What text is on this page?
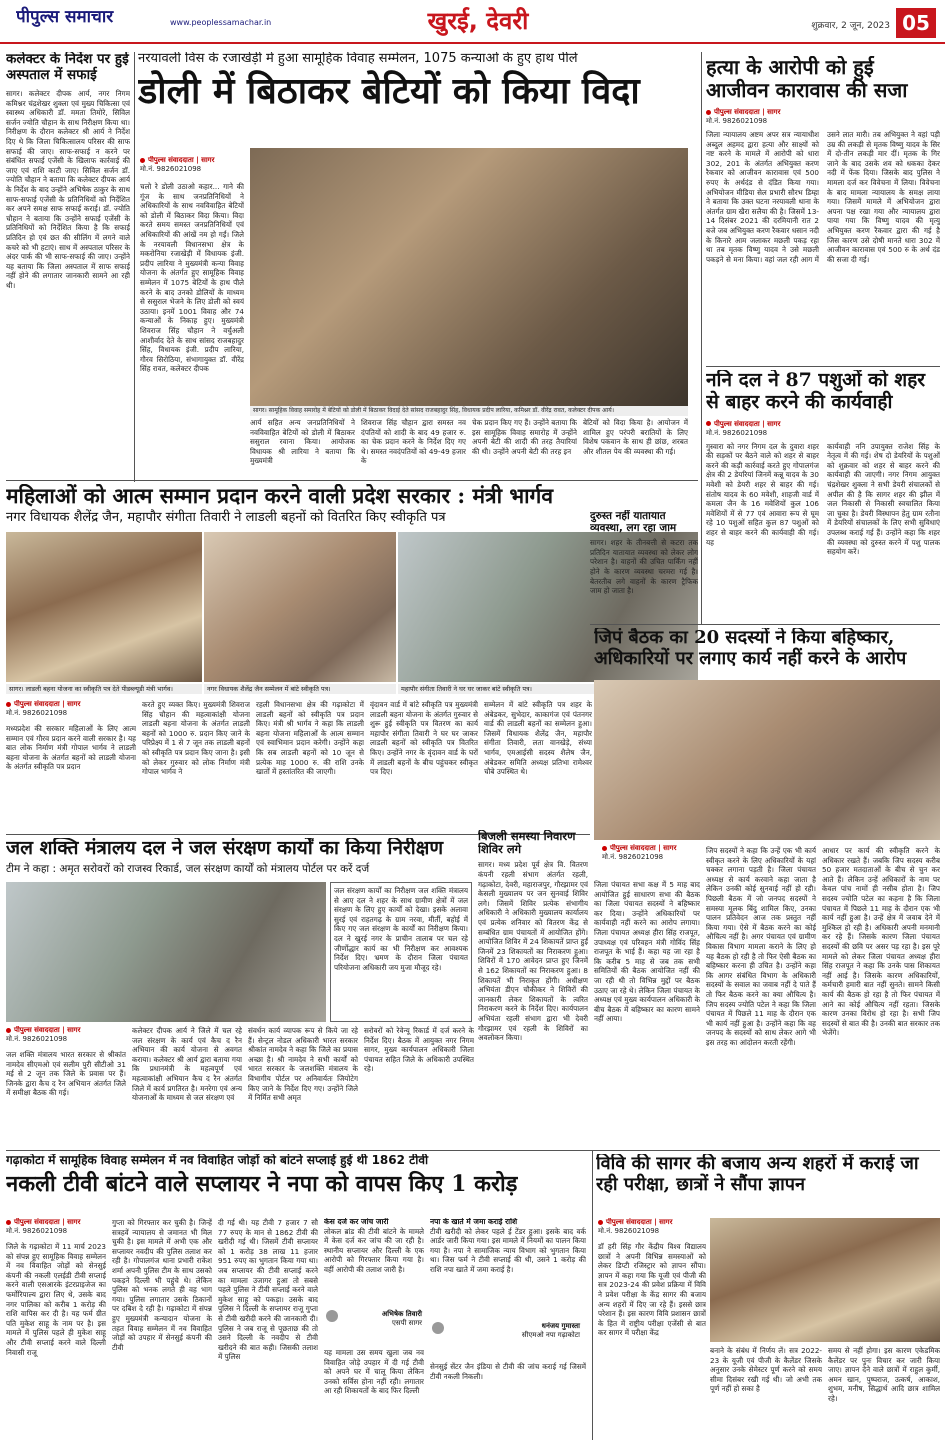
पीपुल्स समाचार	www.peoplessamachar.in	खुरई, देवरी	शुक्रवार, 2 जून, 2023 05
कलेक्टर के निर्देश पर हुई अस्पताल में सफाई
सागर। कलेक्टर दीपक आर्य, नगर निगम कमिश्नर चंद्रशेखर शुक्ला एवं मुख्य चिकित्सा एवं स्वास्थ्य अधिकारी डॉ. ममता तिमोरे, सिविल सर्जन ज्योति चौहान के साथ निरीक्षण किया था। निरीक्षण के दौरान कलेक्टर श्री आर्य ने निर्देश दिए थे कि जिला चिकित्सालय परिसर की साफ सफाई की जाए। साफ-सफाई न करने पर संबंधित सफाई एजेंसी के खिलाफ कार्रवाई की जाए एवं राशि काटी जाए। सिविल सर्जन डॉ. ज्योति चौहान ने बताया कि कलेक्टर दीपक आर्य के निर्देश के बाद उन्होंने अभिषेक ठाकुर के साथ साफ-सफाई एजेंसी के प्रतिनिधियों को निर्देशित कर अपने समक्ष साफ सफाई कराई। डॉ. ज्योति चौहान ने बताया कि उन्होंने सफाई एजेंसी के प्रतिनिधियों को निर्देशित किया है कि सफाई प्रतिदिन हो एवं छत की सीलिंग में लगने वाले कचरे को भी हटाएं। साथ में अस्पताल परिसर के अंदर पार्क की भी साफ-सफाई की जाए। उन्होंने यह बताया कि जिला अस्पताल में साफ सफाई नहीं होने की लगातार जानकारी सामने आ रही थी।
नरयावली विस के रजाखेड़ी में हुआ सामूहिक विवाह सम्मेलन, 1075 कन्याओं के हुए हाथ पीले
डोली में बिठाकर बेटियों को किया विदा
पीपुल्स संवाददाता | सागर
मो.नं. 9826021098
चलो रे डोली उठाओ कहार... गाने की गूंज के साथ जनप्रतिनिधियों ने अधिकारियों के साथ नवविवाहित बेटियों को डोली में बिठाकर विदा किया। विदा करते समय समस्त जनप्रतिनिधियों एवं अधिकारियों की आंखें नम हो गईं। जिले के नरयावली विधानसभा क्षेत्र के मकरोनिया रजाखेड़ी में विधायक इंजी. प्रदीप लारिया ने मुख्यमंत्री कन्या विवाह योजना के अंतर्गत हुए सामूहिक विवाह सम्मेलन में 1075 बेटियों के हाथ पीले करने के बाद उनको डोलियों के माध्यम से ससुराल भेजने के लिए डोली को स्वयं उठाया। इनमें 1001 विवाह और 74 कन्याओं के निकाह हुए। मुख्यमंत्री शिवराज सिंह चौहान ने वर्चुअली आशीर्वाद देते के साथ सांसद राजबहादुर सिंह, विधायक इंजी. प्रदीप लारिया, गौरव सिरोठिया, संभागायुक्त डॉ. वीरेंद्र सिंह रावत, कलेक्टर दीपक
सागर। सामूहिक विवाह समारोह में बेटियों को डोली में बिठाकर विदाई देते सांसद राजबहादुर सिंह, विधायक प्रदीप लारिया, कमिश्नर डॉ. वीरेंद्र रावत, कलेक्टर दीपक आर्य।
आर्य सहित अन्य जनप्रतिनिधियों ने नवविवाहित बेटियों को डोली में बिठाकर ससुराल रवाना किया। आयोजक विधायक श्री लारिया ने बताया कि मुख्यमंत्री
शिवराज सिंह चौहान द्वारा समस्त नव दंपतियों को शादी के बाद 49 हजार रु. का चेक प्रदान करने के निर्देश दिए गए थे। समस्त नवदंपतियों को 49-49 हजार के
चेक प्रदान किए गए हैं। उन्होंने बताया कि इस सामूहिक विवाह समारोह में उन्होंने अपनी बेटी की शादी की तरह तैयारियां की थी। उन्होंने अपनी बेटी की तरह इन
बेटियों को विदा किया है। आयोजन में शामिल हुए परंपरी बरातियों के लिए विशेष पकवान के साथ ही छांछ, शरबत और शीतल पेय की व्यवस्था की गई।
हत्या के आरोपी को हुई आजीवन कारावास की सजा
पीपुल्स संवाददाता | सागर
मो.नं. 9826021098
जिला न्यायालय अष्टम अपर सत्र न्यायाधीश अब्दुल अहमद द्वारा हत्या और साक्ष्यों को नष्ट करने के मामले में आरोपी को धारा 302, 201 के अंतर्गत अभियुक्त करण रैकवार को आजीवन कारावास एवं 500 रुपए के अर्थदंड से दंडित किया गया। अभियोजन मीडिया सेल प्रभारी सौरभ डिम्हा ने बताया कि उक्त घटना नरयावली थाना के अंतर्गत ग्राम खैरा सलैया की है। जिसमें 13-14 दिसंबर 2021 की दरमियानी रात 2 बजे जब अभियुक्त करण रैकवार धसान नदी के किनारे आम जलाकर मछली पकड़ रहा था तब मृतक विष्णु यादव ने उसे मछली पकड़ने से मना किया। वहां जल रही आग में उसने लात मारी। तब अभियुक्त ने वहां पड़ी उम्र की लकड़ी से मृतक विष्णु यादव के सिर में दो-तीन लकड़ी मार दीं। मृतक के गिर जाने के बाद उसके शव को धकका देकर नदी में फेंक दिया। जिसके बाद पुलिस ने मामला दर्ज कर विवेचना में लिया। विवेचना के बाद मामला न्यायालय के समक्ष लाया गया। जिसमें मामले में अभियोजन द्वारा अपना पक्ष रखा गया और न्यायालय द्वारा पाया गया कि विष्णु यादव की मृत्यु अभियुक्त करण रैकवार द्वारा की गई है जिस कारण उसे दोषी मानते धारा 302 में आजीवन कारावास एवं 500 रु के अर्थ दंड की सजा दी गई।
ननि दल ने 87 पशुओं को शहर से बाहर करने की कार्यवाही
पीपुल्स संवाददाता | सागर
मो.नं. 9826021098
गुस्वारा को नगर निगम दल के दुवारा शहर की सड़कों पर बैठने वाले को शहर से बाहर करने की कड़ी कार्रवाई करते हुए गोपालगंज क्षेत्र की 2 डेयरियां जिनमें कन्नू यादव के 30 मवेशी को डेयरी शहर से बाहर की गई। संतोष यादव के 60 मवेशी, शाहजी वार्ड में कमला जैन के 16 मवेशियों कुल 106 मवेशियों में से 77 एवं आवारा रूप से घूम रहे 10 पशुओं सहित कुल 87 पशुओं को शहर से बाहर करने की कार्यवाही की गई। यह
कार्यवाही ननि उपायुक्त राजेश सिंह के नेतृत्व में की गई। शेष दो डेयरियों के पशुओं को शुक्रवार को शहर से बाहर करने की कार्यवाही की जाएगी। नगर निगम आयुक्त चंद्रशेखर शुक्ला ने सभी डेयरी संचालकों से अपील की है कि सागर शहर की झील में जल निकासी से निकासी स्वचालित किया जा चुका है। डेयरी विस्थापन हेतु ग्राम रतौना में डेयरियों संचालकों के लिए सभी सुविधाएं उपलब्ध कराई गई हैं। उन्होंने कहा कि शहर की व्यवस्था को दुरुस्त करने में पशु पालक सहयोग करें।
महिलाओं को आत्म सम्मान प्रदान करने वाली प्रदेश सरकार : मंत्री भार्गव
नगर विधायक शैलेंद्र जैन, महापौर संगीता तिवारी ने लाडली बहनों को वितरित किए स्वीकृति पत्र
सागर। लाडली बहना योजना का स्वीकृति पत्र देते पीडब्ल्यूडी मंत्री भार्गव।	नगर विधायक शैलेंद्र जैन सम्मेलन में बांटे स्वीकृति पत्र।	महापौर संगीता तिवारी ने घर घर जाकर बांटे स्वीकृति पत्र।
पीपुल्स संवाददाता | सागर
मो.नं. 9826021098
मध्यप्रदेश की सरकार महिलाओं के लिए आत्म सम्मान एवं गौरव प्रदान करने वाली सरकार है। यह बात लोक निर्माण मंत्री गोपाल भार्गव ने लाडली बहना योजना के अंतर्गत बहनों को लाडली योजना के अंतर्गत स्वीकृति पत्र प्रदान
करते हुए व्यक्त किए। मुख्यमंत्री शिवराज सिंह चौहान की महत्वाकांक्षी योजना लाडली बहना योजना के अंतर्गत लाडली बहनों को 1000 रु. प्रदान किए जाने के परिप्रेक्ष्य में 1 से 7 जून तक लाडली बहनों को स्वीकृति पत्र प्रदान किए जाना है। इसी को लेकर गुरुवार को लोक निर्माण मंत्री गोपाल भार्गव ने
रहली विधानसभा क्षेत्र की गढ़ाकोटा में लाडली बहनों को स्वीकृति पत्र प्रदान किए। मंत्री श्री भार्गव ने कहा कि लाडली बहना योजना महिलाओं के आत्म सम्मान एवं स्वाभिमान प्रदान करेगी। उन्होंने कहा कि सब लाडली बहनों को 10 जून से प्रत्येक माह 1000 रु. की राशि उनके खातों में हस्तांतरित की जाएगी।
वृंदावन वार्ड में बांटे स्वीकृति पत्र मुख्यमंत्री लाडली बहना योजना के अंतर्गत गुरुवार से शुरू हुई स्वीकृति पत्र वितरण का कार्य महापौर संगीता तिवारी ने घर घर जाकर लाडली बहनों को स्वीकृति पत्र वितरित किए। उन्होंने नगर के वृंदावन वार्ड के घरों में लाडली बहनों के बीच पहुंचकर स्वीकृत पत्र दिए।
सम्मेलन में बांटे स्वीकृति पत्र शहर के अंबेडकर, सुभेदार, काकागंज एवं पंतनगर वार्ड की लाडली बहनों का सम्मेलन हुआ। जिसमें विधायक शैलेंद्र जैन, महापौर संगीता तिवारी, लता वानखेड़े, संध्या भार्गव, एमआईसी सदस्य शैलेष जैन, अंबेडकर समिति अध्यक्ष प्रतिभा रामेश्वर चौबे उपस्थित थे।
दुरुस्त नहीं यातायात व्यवस्था, लग रहा जाम
सागर। शहर के तीनबत्ती से कटरा तक प्रतिदिन यातायात व्यवस्था को लेकर लोग परेशान है। वाहनों की उचित पार्किंग नहीं होने के कारण व्यवस्था चरमरा गई है। बेतरतीब लगे वाहनों के कारण ट्रैफिक जाम हो जाता है।
जिपं बैठक का 20 सदस्यों ने किया बहिष्कार, अधिकारियों पर लगाए कार्य नहीं करने के आरोप
पीपुल्स संवाददाता | सागर
मो.नं. 9826021098
जिप सदस्यों ने कहा कि उन्हें एक भी कार्य स्वीकृत करने के लिए अधिकारियों के यहां चक्कर लगाना पड़ती है। जिला पंचायत अध्यक्ष से कार्य करवाने कहा जाता है लेकिन उनकी कोई सुनवाई नहीं हो रही। पिछली बैठक में जो जनपद सदस्यों ने समस्या मूलक बिंदु शामिल किए, उनका पालन प्रतिवेदन आज तक प्रस्तुत नहीं किया गया। ऐसे में बैठक करने का कोई औचित्य नहीं है। अगर पंचायत एवं ग्रामीण विकास विभाग मामला कराने के लिए हो यह बैठक हो रही है तो फिर ऐसी बैठक का बहिष्कार करना ही उचित है। उन्होंने कहा कि आगर संबंधित विभाग के अधिकारी सदस्यों के सवाल का जवाब नहीं दे पाते हैं तो फिर बैठक करने का क्या औचित्य है। जिप सदस्य ज्योति पटेल ने कहा कि जिला पंचायत में पिछले 11 माह के दौरान एक भी कार्य नहीं हुआ है। उन्होंने कहा कि वह जनपद के सदस्यों को साथ लेकर आगे भी इस तरह का आंदोलन करती रहेंगी।
आधार पर कार्य की स्वीकृति करने के अधिकार रखते हैं। जबकि जिप सदस्य करीब 50 हजार मतदाताओं के बीच से चुन कर आते हैं। लेकिन उन्हें अधिकारों के नाम पर केवल पांच नामों ही नसीब होता है। जिप सदस्य ज्योति पटेल का कहना है कि जिला पंचायत में पिछले 11 माह के दौरान एक भी कार्य नहीं हुआ है। उन्हें क्षेत्र में जवाब देने में मुश्किल हो रही है। अधिकारी अपनी मनमानी कर रहे हैं। जिसके कारण जिला पंचायत सदस्यों की छवि पर असर पड़ रहा है। इस पूरे मामले को लेकर जिला पंचायत अध्यक्ष हीरा सिंह राजपूत ने कहा कि उनके पास शिकायत नहीं आई है। जिसके कारण अधिकारियों, कर्मचारी हमारी बात नहीं सुनते। सामने किसी कार्य की बैठक हो रहा है तो फिर पंचायत में आने का कोई औचित्य नहीं रहता। जिसके कारण उनका विरोध हो रहा है। सभी जिप सदस्यों से बात की है। उनकी बात सरकार तक भेजेंगे।
जल शक्ति मंत्रालय दल ने जल संरक्षण कार्यों का किया निरीक्षण
टीम ने कहा : अमृत सरोवरों को राजस्व रिकार्ड, जल संरक्षण कार्यों को मंत्रालय पोर्टल पर करें दर्ज
जल संरक्षण कार्यों का निरीक्षण जल शक्ति मंत्रालय से आए दल ने शहर के साथ ग्रामीण क्षेत्रों में जल संरक्षण के लिए हुए कार्यों को देखा। इसके अलावा सुरई एवं राहतगढ़ के ग्राम नरवा, मीर्ती, बहोई में किए गए जल संरक्षण के कार्यों का निरीक्षण किया। दल ने खुरई नगर के प्राचीन तालाब पर चल रहे जीर्णोद्धार कार्य का भी निरीक्षण कर आवश्यक निर्देश दिए। भ्रमण के दौरान जिला पंचायत परियोजना अधिकारी जय मुजा मौजूद रहे।
पीपुल्स संवाददाता | सागर
मो.नं. 9826021098
जल शक्ति मंत्रालय भारत सरकार से श्रीकांत नामदेव सीएमओ एवं सलीम पुरी सीटीओ 31 मई से 2 जून तक जिले के प्रवास पर हैं। जिनके द्वारा कैच द रैन अभियान अंतर्गत जिले में समीक्षा बैठक की गई।
कलेक्टर दीपक आर्य ने जिले में चल रहे जल संरक्षण के कार्य एवं कैच द रैन अभियान की कार्य योजना से अवगत कराया। कलेक्टर श्री आर्य द्वारा बताया गया कि प्रधानमंत्री के महत्वपूर्ण एवं महत्वाकांक्षी अभियान कैच द रैन अंतर्गत जिले में कार्य प्रगतिरत है। मनरेगा एवं अन्य योजनाओं के माध्यम से जल संरक्षण एवं
संवर्धन कार्य व्यापक रूप से किये जा रहे हैं। सेन्ट्रल नोडल अधिकारी भारत सरकार श्रीकांत नामदेव ने कहा कि जिले का प्रयास अच्छा है। श्री नामदेव ने सभी कार्यों को भारत सरकार के जलशक्ति मंत्रालय के विभागीय पोर्टल पर अनिवार्यतः जियोटेग किए जाने के निर्देश दिए गए। उन्होंने जिले में निर्मित सभी अमृत
सरोवरों को रेवेन्यू रिकार्ड में दर्ज करने के निर्देश दिए। बैठक में आयुक्त नगर निगम सागर, मुख्य कार्यपालन अधिकारी जिला पंचायत सहित जिले के अधिकारी उपस्थित रहे।
बिजली समस्या निवारण शिविर लगे
सागर। मध्य प्रदेश पूर्व क्षेत्र वि. वितरण कंपनी रहली संभाग अंतर्गत रहली, गढ़ाकोटा, देवरी, महाराजपुर, गौरझामर एवं केसली मुख्यालय पर जन सुनवाई शिविर लगे। जिसमें शिविर प्रत्येक संभागीय अधिकारी ने अधिकारी मुख्यालय कार्यालय एवं प्रत्येक शनिवार को वितरण केंद्र से सम्बंधित ग्राम पंचायतों में आयोजित होंगे। आयोजित शिविर में 24 शिकायतें प्राप्त हुईं जिनमें 23 शिकायतों का निराकरण हुआ। शिविरों में 170 आवेदन प्राप्त हुए जिनमें से 162 शिकायतों का निराकरण हुआ। 8 शिकायतें भी निराकृत होंगी। अधीक्षण अभियंता डीएन चौकीकर ने शिविरों की जानकारी लेकर शिकायतों के त्वरित निराकरण करने के निर्देश दिए। कार्यपालन अभियंता रहली संभाग द्वारा भी देवरी गौरझामर एवं रहली के शिविरों का अवलोकन किया।
जिला पंचायत सभा कक्ष में 5 माह बाद आयोजित हुई साधारण सभा की बैठक का जिला पंचायत सदस्यों ने बहिष्कार कर दिया। उन्होंने अधिकारियों पर कार्यवाही नहीं करने का आरोप लगाया। जिला पंचायत अध्यक्ष हीरा सिंह राजपूत, उपाध्यक्ष एवं परिवहन मंत्री गोविंद सिंह राजपूत के भाई हैं। कहा यह जा रहा है कि करीब 5 माह से जब तक सभी समितियों की बैठक आयोजित नहीं की जा रही थी तो विभिन्न मुद्दों पर बैठक उठाए जा रहे थे। लेकिन जिला पंचायत के अध्यक्ष एवं मुख्य कार्यपालन अधिकारी के बीच बैठक में बहिष्कार का कारण सामने नहीं आया।
गढ़ाकोटा में सामूहिक विवाह सम्मेलन में नव विवाहित जोड़ों को बांटने सप्लाई हुई थी 1862 टीवी
नकली टीवी बांटने वाले सप्लायर ने नपा को वापस किए 1 करोड़
पीपुल्स संवाददाता | सागर
मो.नं. 9826021098
जिले के गढ़ाकोटा में 11 मार्च 2023 को संपन्न हुए सामूहिक विवाह सम्मेलन में नव विवाहित जोड़ों को सेनसुई कंपनी की नकली एलईडी टीवी सप्लाई करने वाली एसआरके इंटरप्राइजेज का फर्मोरिपाल्य द्वारा लिए थे, उसके बाद नगर पालिका को करीब 1 करोड़ की राशि वापिस कर दी है। यह फर्म ग्रीत पति मुकेश साहू के नाम पर है। इस मामले में पुलिस पहले ही मुकेश साहू और टीवी सप्लाई करने वाले दिल्ली निवासी राजू
गुप्ता को गिरफ्तार कर चुकी है। जिन्हें सत्रहवें न्यायालय से जमानत भी मिल चुकी है। इस मामले में अभी एक और सप्लायर नवदीप की पुलिस तलाश कर रही है। गोपालगंज थाना प्रभारी राकेश शर्मा अपनी पुलिस टीम के साथ उसको पकड़ने दिल्ली भी पहुंचे थे। लेकिन पुलिस को भनक लगते ही वह भाग गया। पुलिस लगातार उसके ठिकानों पर दबिश दे रही है। गढ़ाकोटा में संपन्न हुए मुख्यमंत्री कन्यादान योजना के तहत विवाह सम्मेलन में नव विवाहित जोड़ों को उपहार में सेनसुई कंपनी की टीवी
दी गई थी। यह टीवी 7 हजार 7 सौ 77 रुपए के मान से 1862 टीवी की खरीदी गई थी। जिसमें टीवी सप्लायर को 1 करोड़ 38 लाख 11 हजार 951 रुपए का भुगतान किया गया था। जब सप्लायर की टीवी सप्लाई करने का मामला उजागर हुआ तो सबसे पहले पुलिस ने टीवी सप्लाई करने वाले मुकेश साहू को पकड़ा। उसके बाद पुलिस ने दिल्ली के सप्लायर राजू गुप्ता से टीवी खरीदी करने की जानकारी दी। पुलिस ने जब राजू से पूछताछ की तो उसने दिल्ली के नवदीप से टीवी खरीदने की बात कही। जिसकी तलाश में पुलिस
केस दर्ज कर जांच जारी
लोकल ब्रांड की टीवी बांटने के मामले में केस दर्ज कर जांच की जा रही है। स्थानीय सप्लायर और दिल्ली के एक आरोपी को गिरफ्तार किया गया है। वहीं आरोपी की तलाश जारी है।
अभिषेक तिवारी
एसपी सागर
यह मामला उस समय खुला जब नव विवाहित जोड़े उपहार में दी गई टीवी को अपने घर में चालू किया लेकिन उनको सर्विस होना नहीं रही। लगातार आ रही शिकायतों के बाद फिर दिल्ली
नपा के खाते में जमा कराई राशि
टीवी खरीदी को लेकर पहले ई टेंडर हुआ। इसके बाद वर्क आर्डर जारी किया गया। इस मामले में नियमों का पालन किया गया है। नपा ने सामाजिक न्याय विभाग को भुगतान किया था। जिस फर्म ने टीवी सप्लाई की थी, उसने 1 करोड़ की राशि नपा खाते में जमा कराई है।
धनंजय गुमास्ता
सीएमओ नपा गढ़ाकोटा
सेनसुई सेंटर जैन इंडिया से टीवी की जांच कराई गई जिसमें टीवी नकली निकली।
विवि की सागर की बजाय अन्य शहरों में कराई जा रही परीक्षा, छात्रों ने सौंपा ज्ञापन
पीपुल्स संवाददाता | सागर
मो.नं. 9826021098
डॉ हरी सिंह गौर केंद्रीय विश्व विद्यालय छात्रों ने अपनी विभिन्न समस्याओं को लेकर डिप्टी रजिस्ट्रार को ज्ञापन सौंपा। ज्ञापन में कहा गया कि यूजी एवं पीजी की सत्र 2023-24 की प्रवेश प्रक्रिया में विवि ने प्रवेश परीक्षा के केंद्र सागर की बजाय अन्य शहरों में दिए जा रहे हैं। इससे छात्र परेशान हैं। इस कारण विवि प्रशासन छात्रों के हित में राष्ट्रीय परीक्षा एजेंसी से बात कर सागर में परीक्षा केंद्र
बनाने के संबंध में निर्णय लें। सत्र 2022-23 के यूजी एवं पीजी के कैलेंडर जिसके अनुसार उनके सेमेस्टर पूर्ण करने को समय सीमा दिसंबर रखी गई थी। जो अभी तक पूर्ण नहीं हो सका है
समय से नहीं होगा। इस कारण एकेडमिक कैलेंडर पर पुनः विचार कर जारी किया जाए। ज्ञापन देने वाले छात्रों में राहुल कुर्मी, अमन खान, पुष्पराज, उत्कर्ष, आकाश, शुभम, मनीष, सिद्धार्थ आदि छात्र शामिल रहे।
